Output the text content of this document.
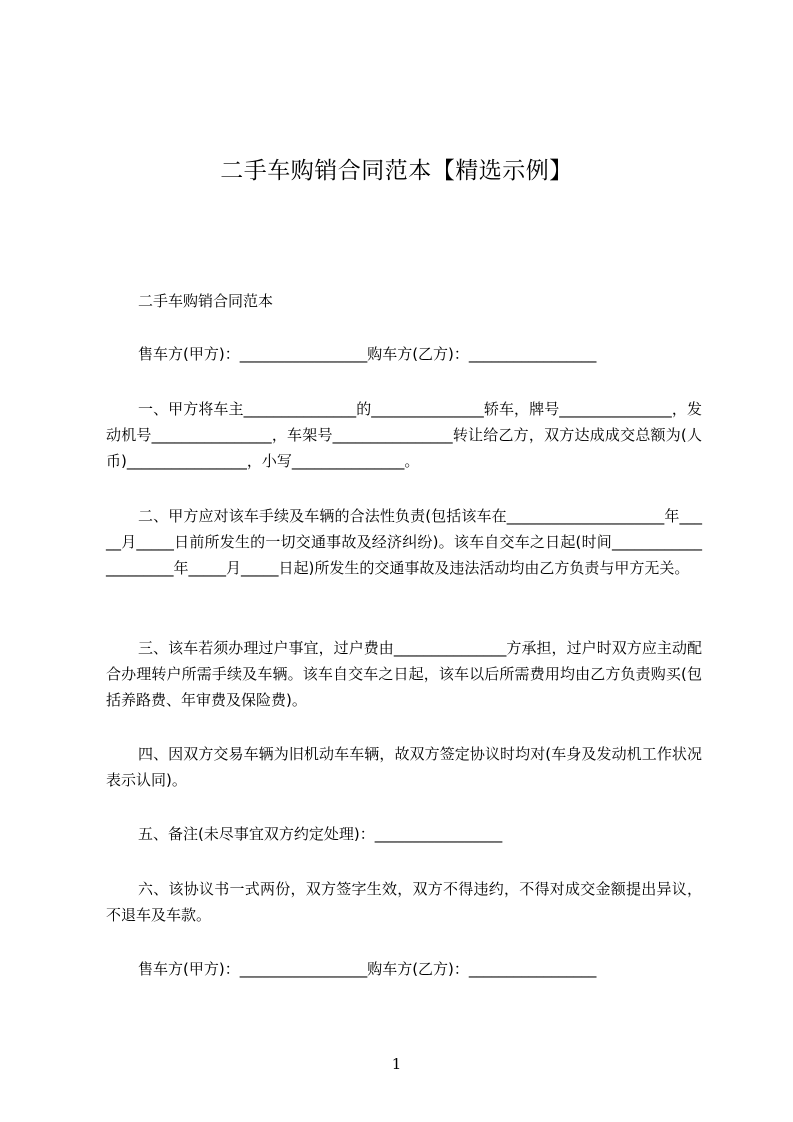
二手车购销合同范本【精选示例】

二手车购销合同范本

售车方(甲方)：_________________购车方(乙方)：_________________

一、甲方将车主_______________的_______________轿车，牌号_______________，发动机号________________，车架号________________转让给乙方，双方达成成交总额为(人币)________________，小写_______________。

二、甲方应对该车手续及车辆的合法性负责(包括该车在_____________________年_____月_____日前所发生的一切交通事故及经济纠纷)。该车自交车之日起(时间_____________________年_____月_____日起)所发生的交通事故及违法活动均由乙方负责与甲方无关。

三、该车若须办理过户事宜，过户费由_______________方承担，过户时双方应主动配合办理转户所需手续及车辆。该车自交车之日起，该车以后所需费用均由乙方负责购买(包括养路费、年审费及保险费)。

四、因双方交易车辆为旧机动车车辆，故双方签定协议时均对(车身及发动机工作状况表示认同)。

五、备注(未尽事宜双方约定处理)：_________________

六、该协议书一式两份，双方签字生效，双方不得违约，不得对成交金额提出异议，不退车及车款。

售车方(甲方)：_________________购车方(乙方)：_________________

1
